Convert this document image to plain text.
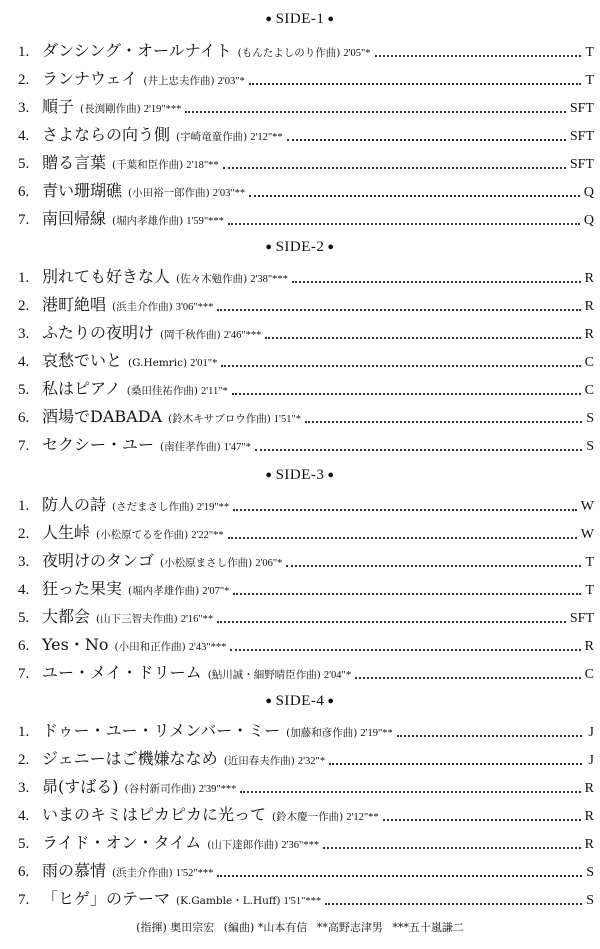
● SIDE-1 ●
1. ダンシング・オールナイト (もんたよしのり作曲) 2'05"*	T
2. ランナウェイ (井上忠夫作曲) 2'03"*	T
3. 順子 (長渕剛作曲) 2'19"***	SFT
4. さよならの向う側 (宇崎竜童作曲) 2'12"**	SFT
5. 贈る言葉 (千葉和臣作曲) 2'18"**	SFT
6. 青い珊瑚礁 (小田裕一郎作曲) 2'03"**	Q
7. 南回帰線 (堀内孝雄作曲) 1'59"***	Q
● SIDE-2 ●
1. 別れても好きな人 (佐々木勉作曲) 2'38"***	R
2. 港町絶唱 (浜圭介作曲) 3'06"***	R
3. ふたりの夜明け (岡千秋作曲) 2'46"***	R
4. 哀愁でいと (G.Hemric) 2'01"*	C
5. 私はピアノ (桑田佳祐作曲) 2'11"*	C
6. 酒場でDABADA (鈴木キサブロウ作曲) 1'51"*	S
7. セクシー・ユー (南佳孝作曲) 1'47"*	S
● SIDE-3 ●
1. 防人の詩 (さだまさし作曲) 2'19"**	W
2. 人生峠 (小松原てるを作曲) 2'22"**	W
3. 夜明けのタンゴ (小松原まさし作曲) 2'06"*	T
4. 狂った果実 (堀内孝雄作曲) 2'07"*	T
5. 大都会 (山下三智夫作曲) 2'16"**	SFT
6. Yes・No (小田和正作曲) 2'43"***	R
7. ユー・メイ・ドリーム (鮎川誠・細野晴臣作曲) 2'04"*	C
● SIDE-4 ●
1. ドゥー・ユー・リメンバー・ミー (加藤和彦作曲) 2'19"**	J
2. ジェニーはご機嫌ななめ (近田春夫作曲) 2'32"*	J
3. 昴(すばる) (谷村新司作曲) 2'39"***	R
4. いまのキミはピカピカに光って (鈴木慶一作曲) 2'12"**	R
5. ライド・オン・タイム (山下達郎作曲) 2'36"***	R
6. 雨の慕情 (浜圭介作曲) 1'52"***	S
7. 「ヒゲ」のテーマ (K.Gamble・L.Huff) 1'51"***	S
(指揮) 奥田宗宏 (編曲) *山本有信 **高野志津男 ***五十嵐謙二
